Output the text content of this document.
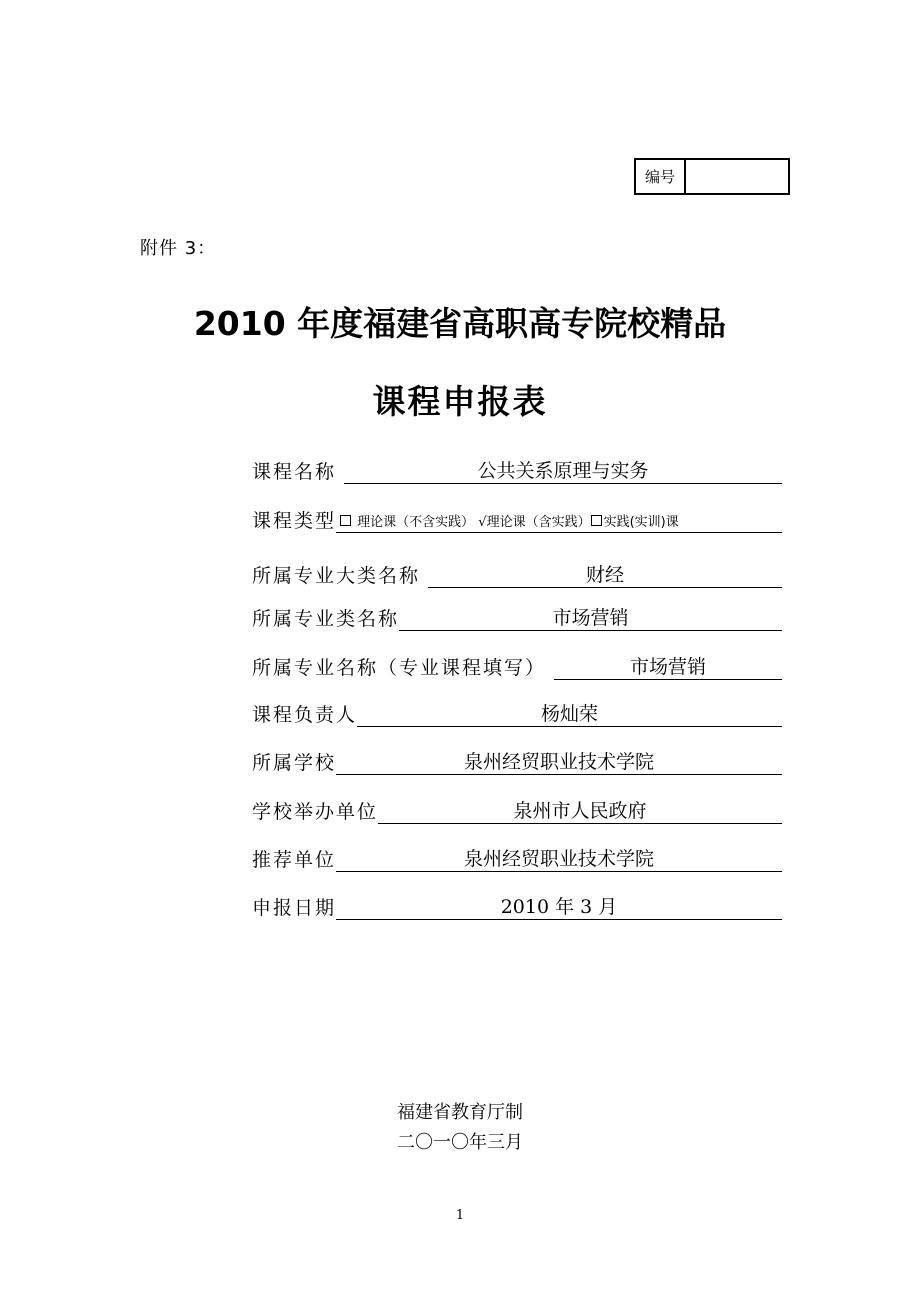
编号
附件 3：
2010 年度福建省高职高专院校精品
课程申报表
课程名称	公共关系原理与实务
课程类型	理论课（不含实践） √理论课（含实践） 实践(实训)课
所属专业大类名称	财经
所属专业类名称	市场营销
所属专业名称（专业课程填写）	市场营销
课程负责人	杨灿荣
所属学校	泉州经贸职业技术学院
学校举办单位	泉州市人民政府
推荐单位	泉州经贸职业技术学院
申报日期	2010 年 3 月
福建省教育厅制
二〇一〇年三月
1
